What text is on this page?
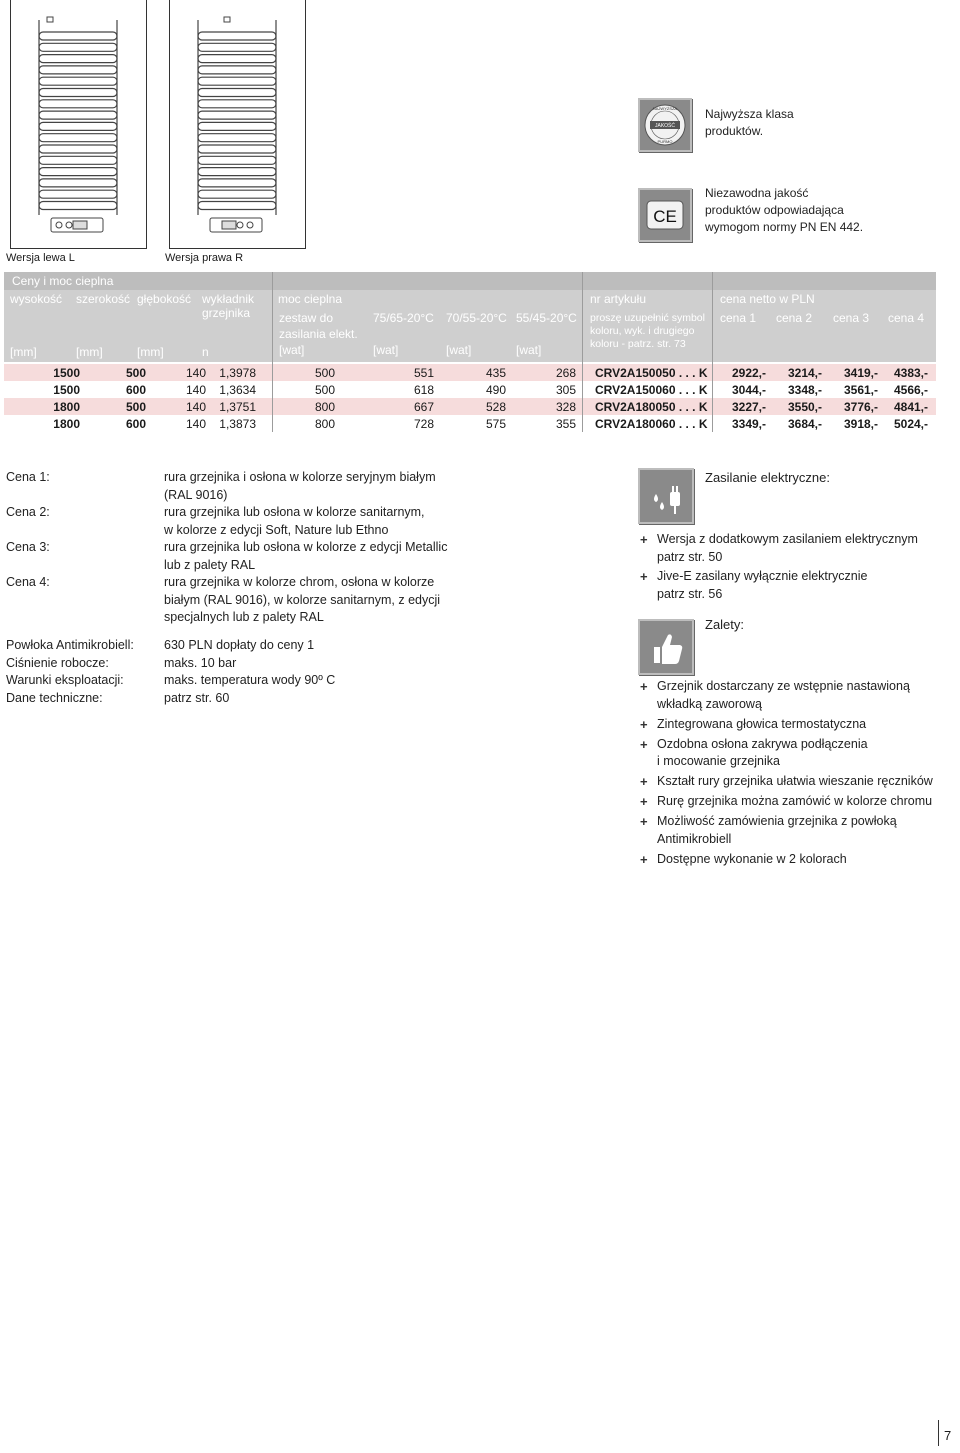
Wersja lewa L	Wersja prawa R
NAJWYŻSZA
JAKOŚĆ
PURMO
Najwyższa klasa
produktów.
CE
Niezawodna jakość
produktów odpowiadająca
wymogom normy PN EN 442.
Ceny i moc cieplna
wysokość szerokość głębokość wykładnik
grzejnika
moc cieplna
zestaw do
zasilania elekt.
75/65-20°C 70/55-20°C 55/45-20°C
nr artykułu
proszę uzupełnić symbol
koloru, wyk. i drugiego
koloru - patrz. str. 73
cena netto w PLN
cena 1 cena 2 cena 3 cena 4
[mm]	[mm]	[mm]	n	[wat]	[wat]	[wat]	[wat]
1500	500	140 1,3978	500	551	435	268 CRV2A150050 . . . K 2922,- 3214,- 3419,- 4383,-
1500	600	140 1,3634	500	618	490	305 CRV2A150060 . . . K 3044,- 3348,- 3561,- 4566,-
1800	500	140 1,3751	800	667	528	328 CRV2A180050 . . . K 3227,- 3550,- 3776,- 4841,-
1800	600	140 1,3873	800	728	575	355 CRV2A180060 . . . K 3349,- 3684,- 3918,- 5024,-
Cena 1:	rura grzejnika i osłona w kolorze seryjnym białym
(RAL 9016)
Cena 2:	rura grzejnika lub osłona w kolorze sanitarnym,
w kolorze z edycji Soft, Nature lub Ethno
Cena 3:	rura grzejnika lub osłona w kolorze z edycji Metallic
lub z palety RAL
Cena 4:	rura grzejnika w kolorze chrom, osłona w kolorze
białym (RAL 9016), w kolorze sanitarnym, z edycji
specjalnych lub z palety RAL
Powłoka Antimikrobiell: 630 PLN dopłaty do ceny 1
Ciśnienie robocze:	maks. 10 bar
Warunki eksploatacji:	maks. temperatura wody 90º C
Dane techniczne:	patrz str. 60
Zasilanie elektryczne:
+ Wersja z dodatkowym zasilaniem elektrycznym
patrz str. 50
+ Jive-E zasilany wyłącznie elektrycznie
patrz str. 56
Zalety:
+ Grzejnik dostarczany ze wstępnie nastawioną
wkładką zaworową
+ Zintegrowana głowica termostatyczna
+ Ozdobna osłona zakrywa podłączenia
i mocowanie grzejnika
+ Kształt rury grzejnika ułatwia wieszanie ręczników
+ Rurę grzejnika można zamówić w kolorze chromu
+ Możliwość zamówienia grzejnika z powłoką
Antimikrobiell
+ Dostępne wykonanie w 2 kolorach
7
